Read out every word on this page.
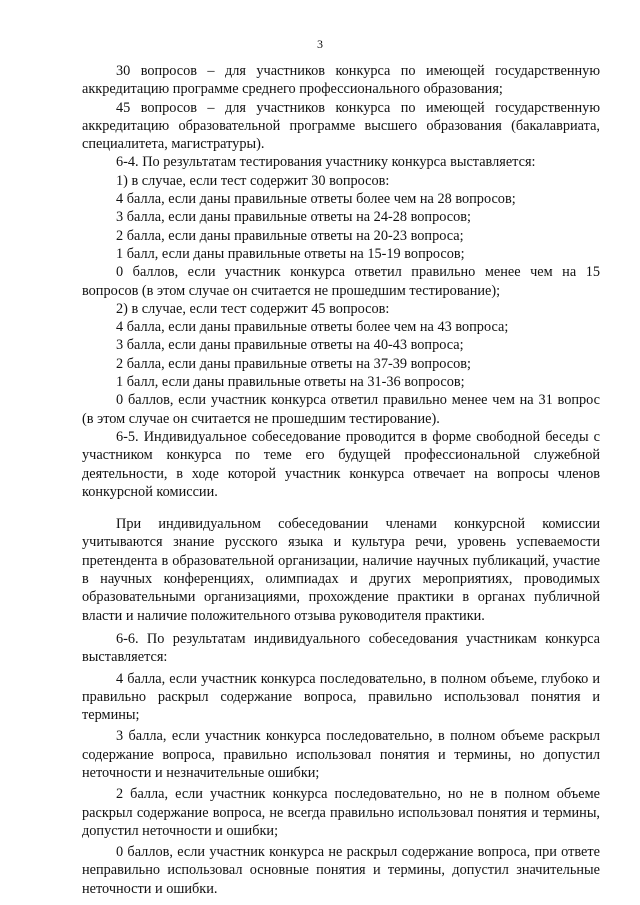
3

30 вопросов – для участников конкурса по имеющей государственную аккредитацию программе среднего профессионального образования;

45 вопросов – для участников конкурса по имеющей государственную аккредитацию образовательной программе высшего образования (бакалавриата, специалитета, магистратуры).

6-4. По результатам тестирования участнику конкурса выставляется:

1) в случае, если тест содержит 30 вопросов:

4 балла, если даны правильные ответы более чем на 28 вопросов;

3 балла, если даны правильные ответы на 24-28 вопросов;

2 балла, если даны правильные ответы на 20-23 вопроса;

1 балл, если даны правильные ответы на 15-19 вопросов;

0 баллов, если участник конкурса ответил правильно менее чем на 15 вопросов (в этом случае он считается не прошедшим тестирование);

2) в случае, если тест содержит 45 вопросов:

4 балла, если даны правильные ответы более чем на 43 вопроса;

3 балла, если даны правильные ответы на 40-43 вопроса;

2 балла, если даны правильные ответы на 37-39 вопросов;

1 балл, если даны правильные ответы на 31-36 вопросов;

0 баллов, если участник конкурса ответил правильно менее чем на 31 вопрос (в этом случае он считается не прошедшим тестирование).

6-5. Индивидуальное собеседование проводится в форме свободной беседы с участником конкурса по теме его будущей профессиональной служебной деятельности, в ходе которой участник конкурса отвечает на вопросы членов конкурсной комиссии.

При индивидуальном собеседовании членами конкурсной комиссии учитываются знание русского языка и культура речи, уровень успеваемости претендента в образовательной организации, наличие научных публикаций, участие в научных конференциях, олимпиадах и других мероприятиях, проводимых образовательными организациями, прохождение практики в органах публичной власти и наличие положительного отзыва руководителя практики.

6-6. По результатам индивидуального собеседования участникам конкурса выставляется:

4 балла, если участник конкурса последовательно, в полном объеме, глубоко и правильно раскрыл содержание вопроса, правильно использовал понятия и термины;

3 балла, если участник конкурса последовательно, в полном объеме раскрыл содержание вопроса, правильно использовал понятия и термины, но допустил неточности и незначительные ошибки;

2 балла, если участник конкурса последовательно, но не в полном объеме раскрыл содержание вопроса, не всегда правильно использовал понятия и термины, допустил неточности и ошибки;

0 баллов, если участник конкурса не раскрыл содержание вопроса, при ответе неправильно использовал основные понятия и термины, допустил значительные неточности и ошибки.
